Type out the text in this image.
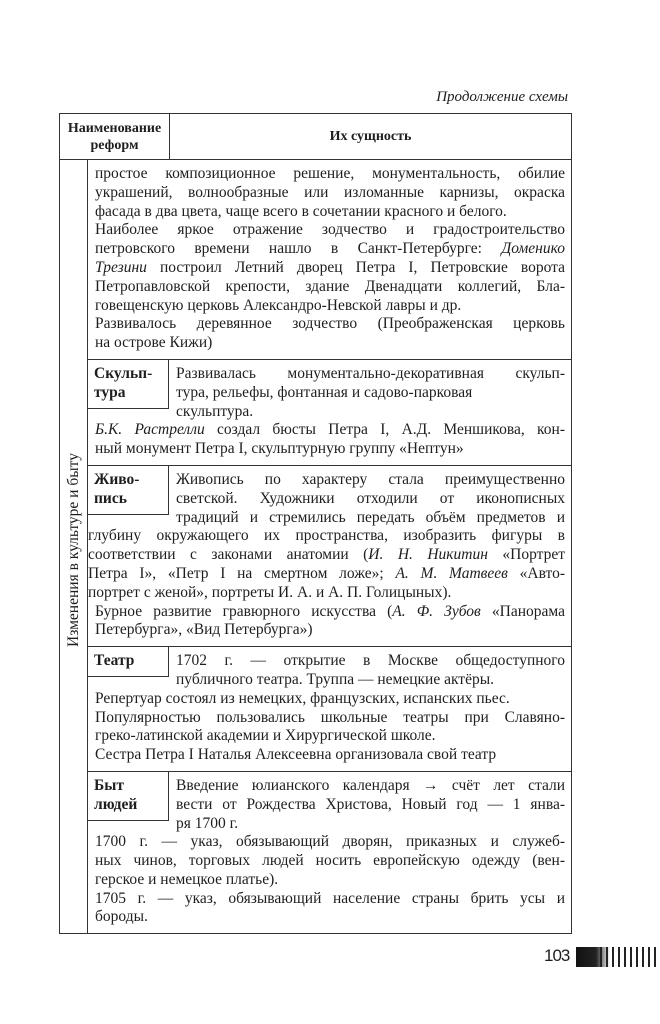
Продолжение схемы
Наименование
реформ
Их сущность
Изменения в культуре и быту
простое композиционное решение, монументальность, обилие
украшений, волнообразные или изломанные карнизы, окраска
фасада в два цвета, чаще всего в сочетании красного и белого.
Наиболее яркое отражение зодчество и градостроительство
петровского времени нашло в Санкт-Петербурге: Доменико
Трезини построил Летний дворец Петра I, Петровские ворота
Петропавловской крепости, здание Двенадцати коллегий, Бла-
говещенскую церковь Александро-Невской лавры и др.
Развивалось деревянное зодчество (Преображенская церковь
на острове Кижи)
Скульп-
тура
Развивалась монументально-декоративная скульп-
тура, рельефы, фонтанная и садово-парковая
скульптура.
Б.К. Растрелли создал бюсты Петра I, А.Д. Меншикова, кон-
ный монумент Петра I, скульптурную группу «Нептун»
Живо-
пись
Живопись по характеру стала преимущественно
светской. Художники отходили от иконописных
традиций и стремились передать объём предметов и
глубину окружающего их пространства, изобразить фигуры в
соответствии с законами анатомии (И. Н. Никитин «Портрет
Петра I», «Петр I на смертном ложе»; А. М. Матвеев «Авто-
портрет с женой», портреты И. А. и А. П. Голицыных).
Бурное развитие гравюрного искусства (А. Ф. Зубов «Панорама
Петербурга», «Вид Петербурга»)
Театр	1702 г. — открытие в Москве общедоступного
публичного театра. Труппа — немецкие актёры.
Репертуар состоял из немецких, французских, испанских пьес.
Популярностью пользовались школьные театры при Славяно-
греко-латинской академии и Хирургической школе.
Сестра Петра I Наталья Алексеевна организовала свой театр
Быт
людей
Введение юлианского календаря → счёт лет стали
вести от Рождества Христова, Новый год — 1 янва-
ря 1700 г.
1700 г. — указ, обязывающий дворян, приказных и служеб-
ных чинов, торговых людей носить европейскую одежду (вен-
герское и немецкое платье).
1705 г. — указ, обязывающий население страны брить усы и
бороды.
103
